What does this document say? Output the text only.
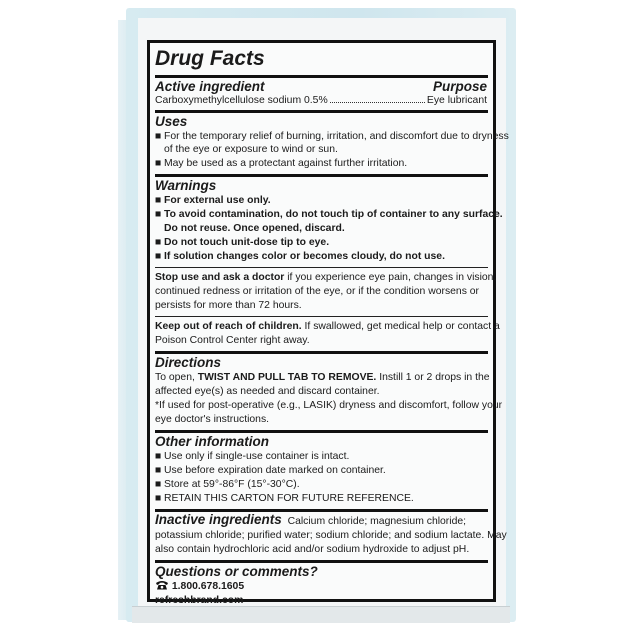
Drug Facts
Active ingredient	Purpose
Carboxymethylcellulose sodium 0.5%	Eye lubricant
Uses
■ For the temporary relief of burning, irritation, and discomfort due to dryness
of the eye or exposure to wind or sun.
■ May be used as a protectant against further irritation.
Warnings
■ For external use only.
■ To avoid contamination, do not touch tip of container to any surface.
Do not reuse. Once opened, discard.
■ Do not touch unit-dose tip to eye.
■ If solution changes color or becomes cloudy, do not use.
Stop use and ask a doctor if you experience eye pain, changes in vision,
continued redness or irritation of the eye, or if the condition worsens or
persists for more than 72 hours.
Keep out of reach of children. If swallowed, get medical help or contact a
Poison Control Center right away.
Directions
To open, TWIST AND PULL TAB TO REMOVE. Instill 1 or 2 drops in the
affected eye(s) as needed and discard container.
*If used for post-operative (e.g., LASIK) dryness and discomfort, follow your
eye doctor's instructions.
Other information
■ Use only if single-use container is intact.
■ Use before expiration date marked on container.
■ Store at 59°-86°F (15°-30°C).
■ RETAIN THIS CARTON FOR FUTURE REFERENCE.
Inactive ingredients Calcium chloride; magnesium chloride;
potassium chloride; purified water; sodium chloride; and sodium lactate. May
also contain hydrochloric acid and/or sodium hydroxide to adjust pH.
Questions or comments?
1.800.678.1605
refreshbrand.com
